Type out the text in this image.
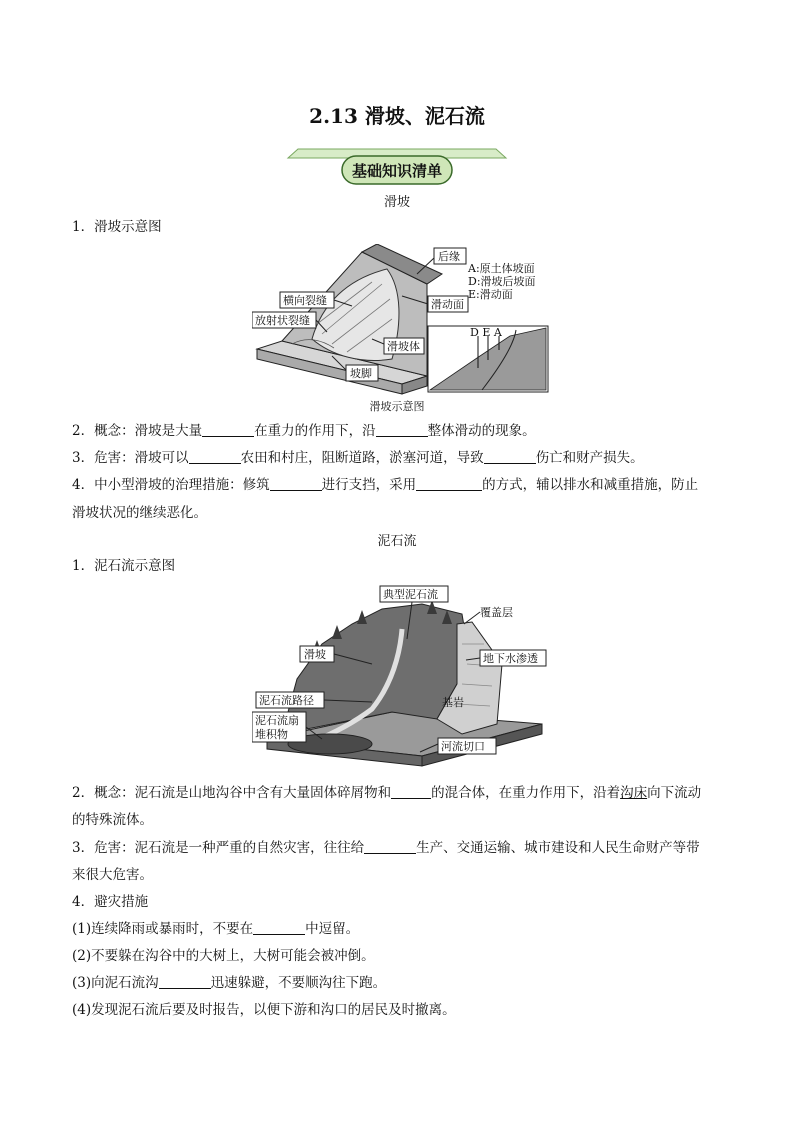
2.13 滑坡、泥石流
基础知识清单
滑坡
1．滑坡示意图
D E A
后缘
A:原土体坡面
D:滑坡后坡面
E:滑动面
横向裂缝	滑动面
放射状裂缝
滑坡体
坡脚
滑坡示意图
2．概念：滑坡是大量	在重力的作用下，沿	整体滑动的现象。
3．危害：滑坡可以	农田和村庄，阻断道路，淤塞河道，导致	伤亡和财产损失。
4．中小型滑坡的治理措施：修筑	进行支挡，采用	的方式，辅以排水和减重措施，防止
滑坡状况的继续恶化。
泥石流
1．泥石流示意图
典型泥石流
覆盖层
滑坡	地下水渗透
泥石流路径	基岩
泥石流扇
堆积物
河流切口
2．概念：泥石流是山地沟谷中含有大量固体碎屑物和	的混合体，在重力作用下，沿着沟床向下流动
的特殊流体。
3．危害：泥石流是一种严重的自然灾害，往往给	生产、交通运输、城市建设和人民生命财产等带
来很大危害。
4．避灾措施
(1)连续降雨或暴雨时，不要在	中逗留。
(2)不要躲在沟谷中的大树上，大树可能会被冲倒。
(3)向泥石流沟	迅速躲避，不要顺沟往下跑。
(4)发现泥石流后要及时报告，以便下游和沟口的居民及时撤离。
